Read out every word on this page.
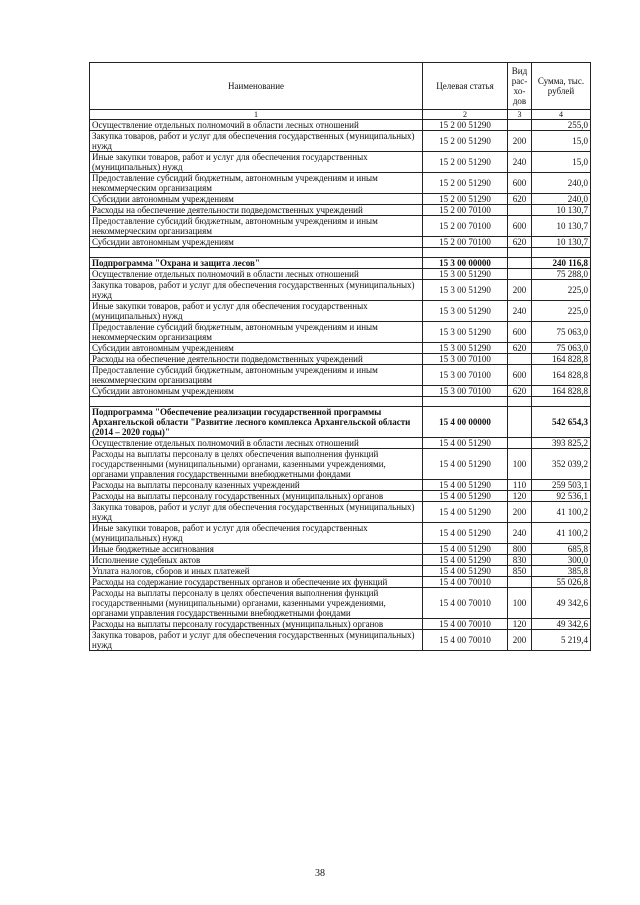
Наименование	Целевая статья	Вид рас- хо- дов	Сумма, тыс. рублей
1	2	3	4
Осуществление отдельных полномочий в области лесных отношений	15 2 00 51290		255,0
Закупка товаров, работ и услуг для обеспечения государственных (муниципальных) нужд	15 2 00 51290	200	15,0
Иные закупки товаров, работ и услуг для обеспечения государственных (муниципальных) нужд	15 2 00 51290	240	15,0
Предоставление субсидий бюджетным, автономным учреждениям и иным некоммерческим организациям	15 2 00 51290	600	240,0
Субсидии автономным учреждениям	15 2 00 51290	620	240,0
Расходы на обеспечение деятельности подведомственных учреждений	15 2 00 70100		10 130,7
Предоставление субсидий бюджетным, автономным учреждениям и иным некоммерческим организациям	15 2 00 70100	600	10 130,7
Субсидии автономным учреждениям	15 2 00 70100	620	10 130,7

Подпрограмма "Охрана и защита лесов"	15 3 00 00000		240 116,8
Осуществление отдельных полномочий в области лесных отношений	15 3 00 51290		75 288,0
Закупка товаров, работ и услуг для обеспечения государственных (муниципальных) нужд	15 3 00 51290	200	225,0
Иные закупки товаров, работ и услуг для обеспечения государственных (муниципальных) нужд	15 3 00 51290	240	225,0
Предоставление субсидий бюджетным, автономным учреждениям и иным некоммерческим организациям	15 3 00 51290	600	75 063,0
Субсидии автономным учреждениям	15 3 00 51290	620	75 063,0
Расходы на обеспечение деятельности подведомственных учреждений	15 3 00 70100		164 828,8
Предоставление субсидий бюджетным, автономным учреждениям и иным некоммерческим организациям	15 3 00 70100	600	164 828,8
Субсидии автономным учреждениям	15 3 00 70100	620	164 828,8

Подпрограмма "Обеспечение реализации государственной программы Архангельской области "Развитие лесного комплекса Архангельской области (2014 – 2020 годы)"	15 4 00 00000		542 654,3
Осуществление отдельных полномочий в области лесных отношений	15 4 00 51290		393 825,2
Расходы на выплаты персоналу в целях обеспечения выполнения функций государственными (муниципальными) органами, казенными учреждениями, органами управления государственными внебюджетными фондами	15 4 00 51290	100	352 039,2
Расходы на выплаты персоналу казенных учреждений	15 4 00 51290	110	259 503,1
Расходы на выплаты персоналу государственных (муниципальных) органов	15 4 00 51290	120	92 536,1
Закупка товаров, работ и услуг для обеспечения государственных (муниципальных) нужд	15 4 00 51290	200	41 100,2
Иные закупки товаров, работ и услуг для обеспечения государственных (муниципальных) нужд	15 4 00 51290	240	41 100,2
Иные бюджетные ассигнования	15 4 00 51290	800	685,8
Исполнение судебных актов	15 4 00 51290	830	300,0
Уплата налогов, сборов и иных платежей	15 4 00 51290	850	385,8
Расходы на содержание государственных органов и обеспечение их функций	15 4 00 70010		55 026,8
Расходы на выплаты персоналу в целях обеспечения выполнения функций государственными (муниципальными) органами, казенными учреждениями, органами управления государственными внебюджетными фондами	15 4 00 70010	100	49 342,6
Расходы на выплаты персоналу государственных (муниципальных) органов	15 4 00 70010	120	49 342,6
Закупка товаров, работ и услуг для обеспечения государственных (муниципальных) нужд	15 4 00 70010	200	5 219,4
38
